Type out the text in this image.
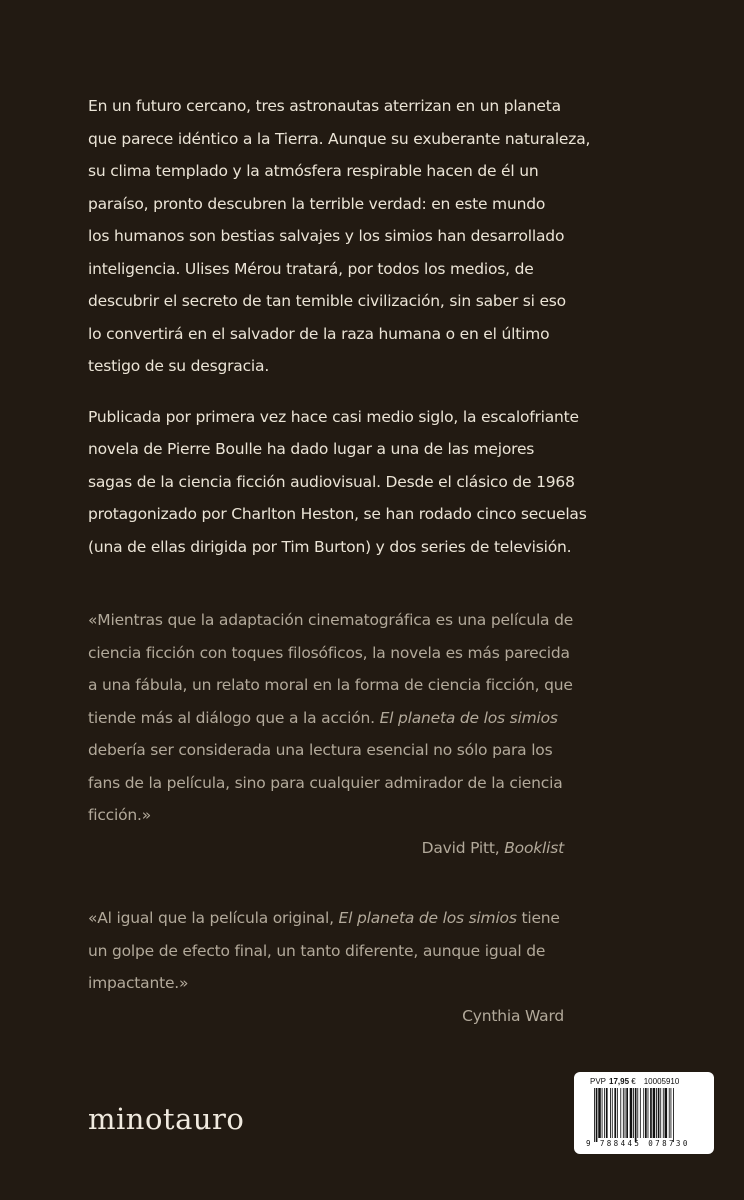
En un futuro cercano, tres astronautas aterrizan en un planeta
que parece idéntico a la Tierra. Aunque su exuberante naturaleza,
su clima templado y la atmósfera respirable hacen de él un
paraíso, pronto descubren la terrible verdad: en este mundo
los humanos son bestias salvajes y los simios han desarrollado
inteligencia. Ulises Mérou tratará, por todos los medios, de
descubrir el secreto de tan temible civilización, sin saber si eso
lo convertirá en el salvador de la raza humana o en el último
testigo de su desgracia.

Publicada por primera vez hace casi medio siglo, la escalofriante
novela de Pierre Boulle ha dado lugar a una de las mejores
sagas de la ciencia ficción audiovisual. Desde el clásico de 1968
protagonizado por Charlton Heston, se han rodado cinco secuelas
(una de ellas dirigida por Tim Burton) y dos series de televisión.

«Mientras que la adaptación cinematográfica es una película de

ciencia ficción con toques filosóficos, la novela es más parecida

a una fábula, un relato moral en la forma de ciencia ficción, que

tiende más al diálogo que a la acción. El planeta de los simios

debería ser considerada una lectura esencial no sólo para los

fans de la película, sino para cualquier admirador de la ciencia

ficción.»

David Pitt, Booklist

«Al igual que la película original, El planeta de los simios tiene

un golpe de efecto final, un tanto diferente, aunque igual de

impactante.»

Cynthia Ward

minotauro
PVP 17,95 € 10005910
9 788445 078730
